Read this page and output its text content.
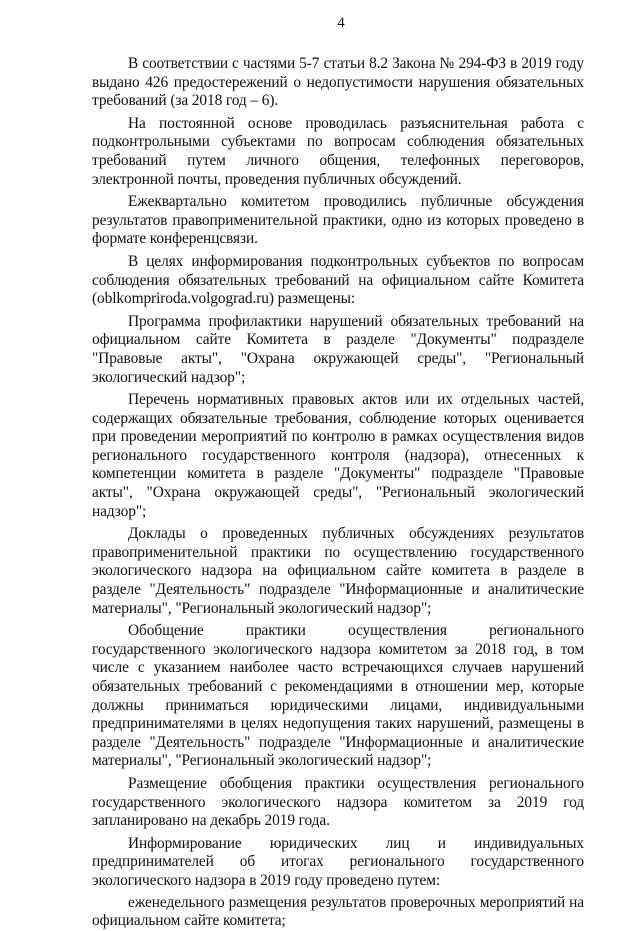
4

В соответствии с частями 5-7 статьи 8.2 Закона № 294-ФЗ в 2019 году выдано 426 предостережений о недопустимости нарушения обязательных требований (за 2018 год – 6).

На постоянной основе проводилась разъяснительная работа с подконтрольными субъектами по вопросам соблюдения обязательных требований путем личного общения, телефонных переговоров, электронной почты, проведения публичных обсуждений.

Ежеквартально комитетом проводились публичные обсуждения результатов правоприменительной практики, одно из которых проведено в формате конференцсвязи.

В целях информирования подконтрольных субъектов по вопросам соблюдения обязательных требований на официальном сайте Комитета (oblkompriroda.volgograd.ru) размещены:

Программа профилактики нарушений обязательных требований на официальном сайте Комитета в разделе "Документы" подразделе "Правовые акты", "Охрана окружающей среды", "Региональный экологический надзор";

Перечень нормативных правовых актов или их отдельных частей, содержащих обязательные требования, соблюдение которых оценивается при проведении мероприятий по контролю в рамках осуществления видов регионального государственного контроля (надзора), отнесенных к компетенции комитета в разделе "Документы" подразделе "Правовые акты", "Охрана окружающей среды", "Региональный экологический надзор";

Доклады о проведенных публичных обсуждениях результатов правоприменительной практики по осуществлению государственного экологического надзора на официальном сайте комитета в разделе в разделе "Деятельность" подразделе "Информационные и аналитические материалы", "Региональный экологический надзор";

Обобщение практики осуществления регионального государственного экологического надзора комитетом за 2018 год, в том числе с указанием наиболее часто встречающихся случаев нарушений обязательных требований с рекомендациями в отношении мер, которые должны приниматься юридическими лицами, индивидуальными предпринимателями в целях недопущения таких нарушений, размещены в разделе "Деятельность" подразделе "Информационные и аналитические материалы", "Региональный экологический надзор";

Размещение обобщения практики осуществления регионального государственного экологического надзора комитетом за 2019 год запланировано на декабрь 2019 года.

Информирование юридических лиц и индивидуальных предпринимателей об итогах регионального государственного экологического надзора в 2019 году проведено путем:

еженедельного размещения результатов проверочных мероприятий на официальном сайте комитета;
